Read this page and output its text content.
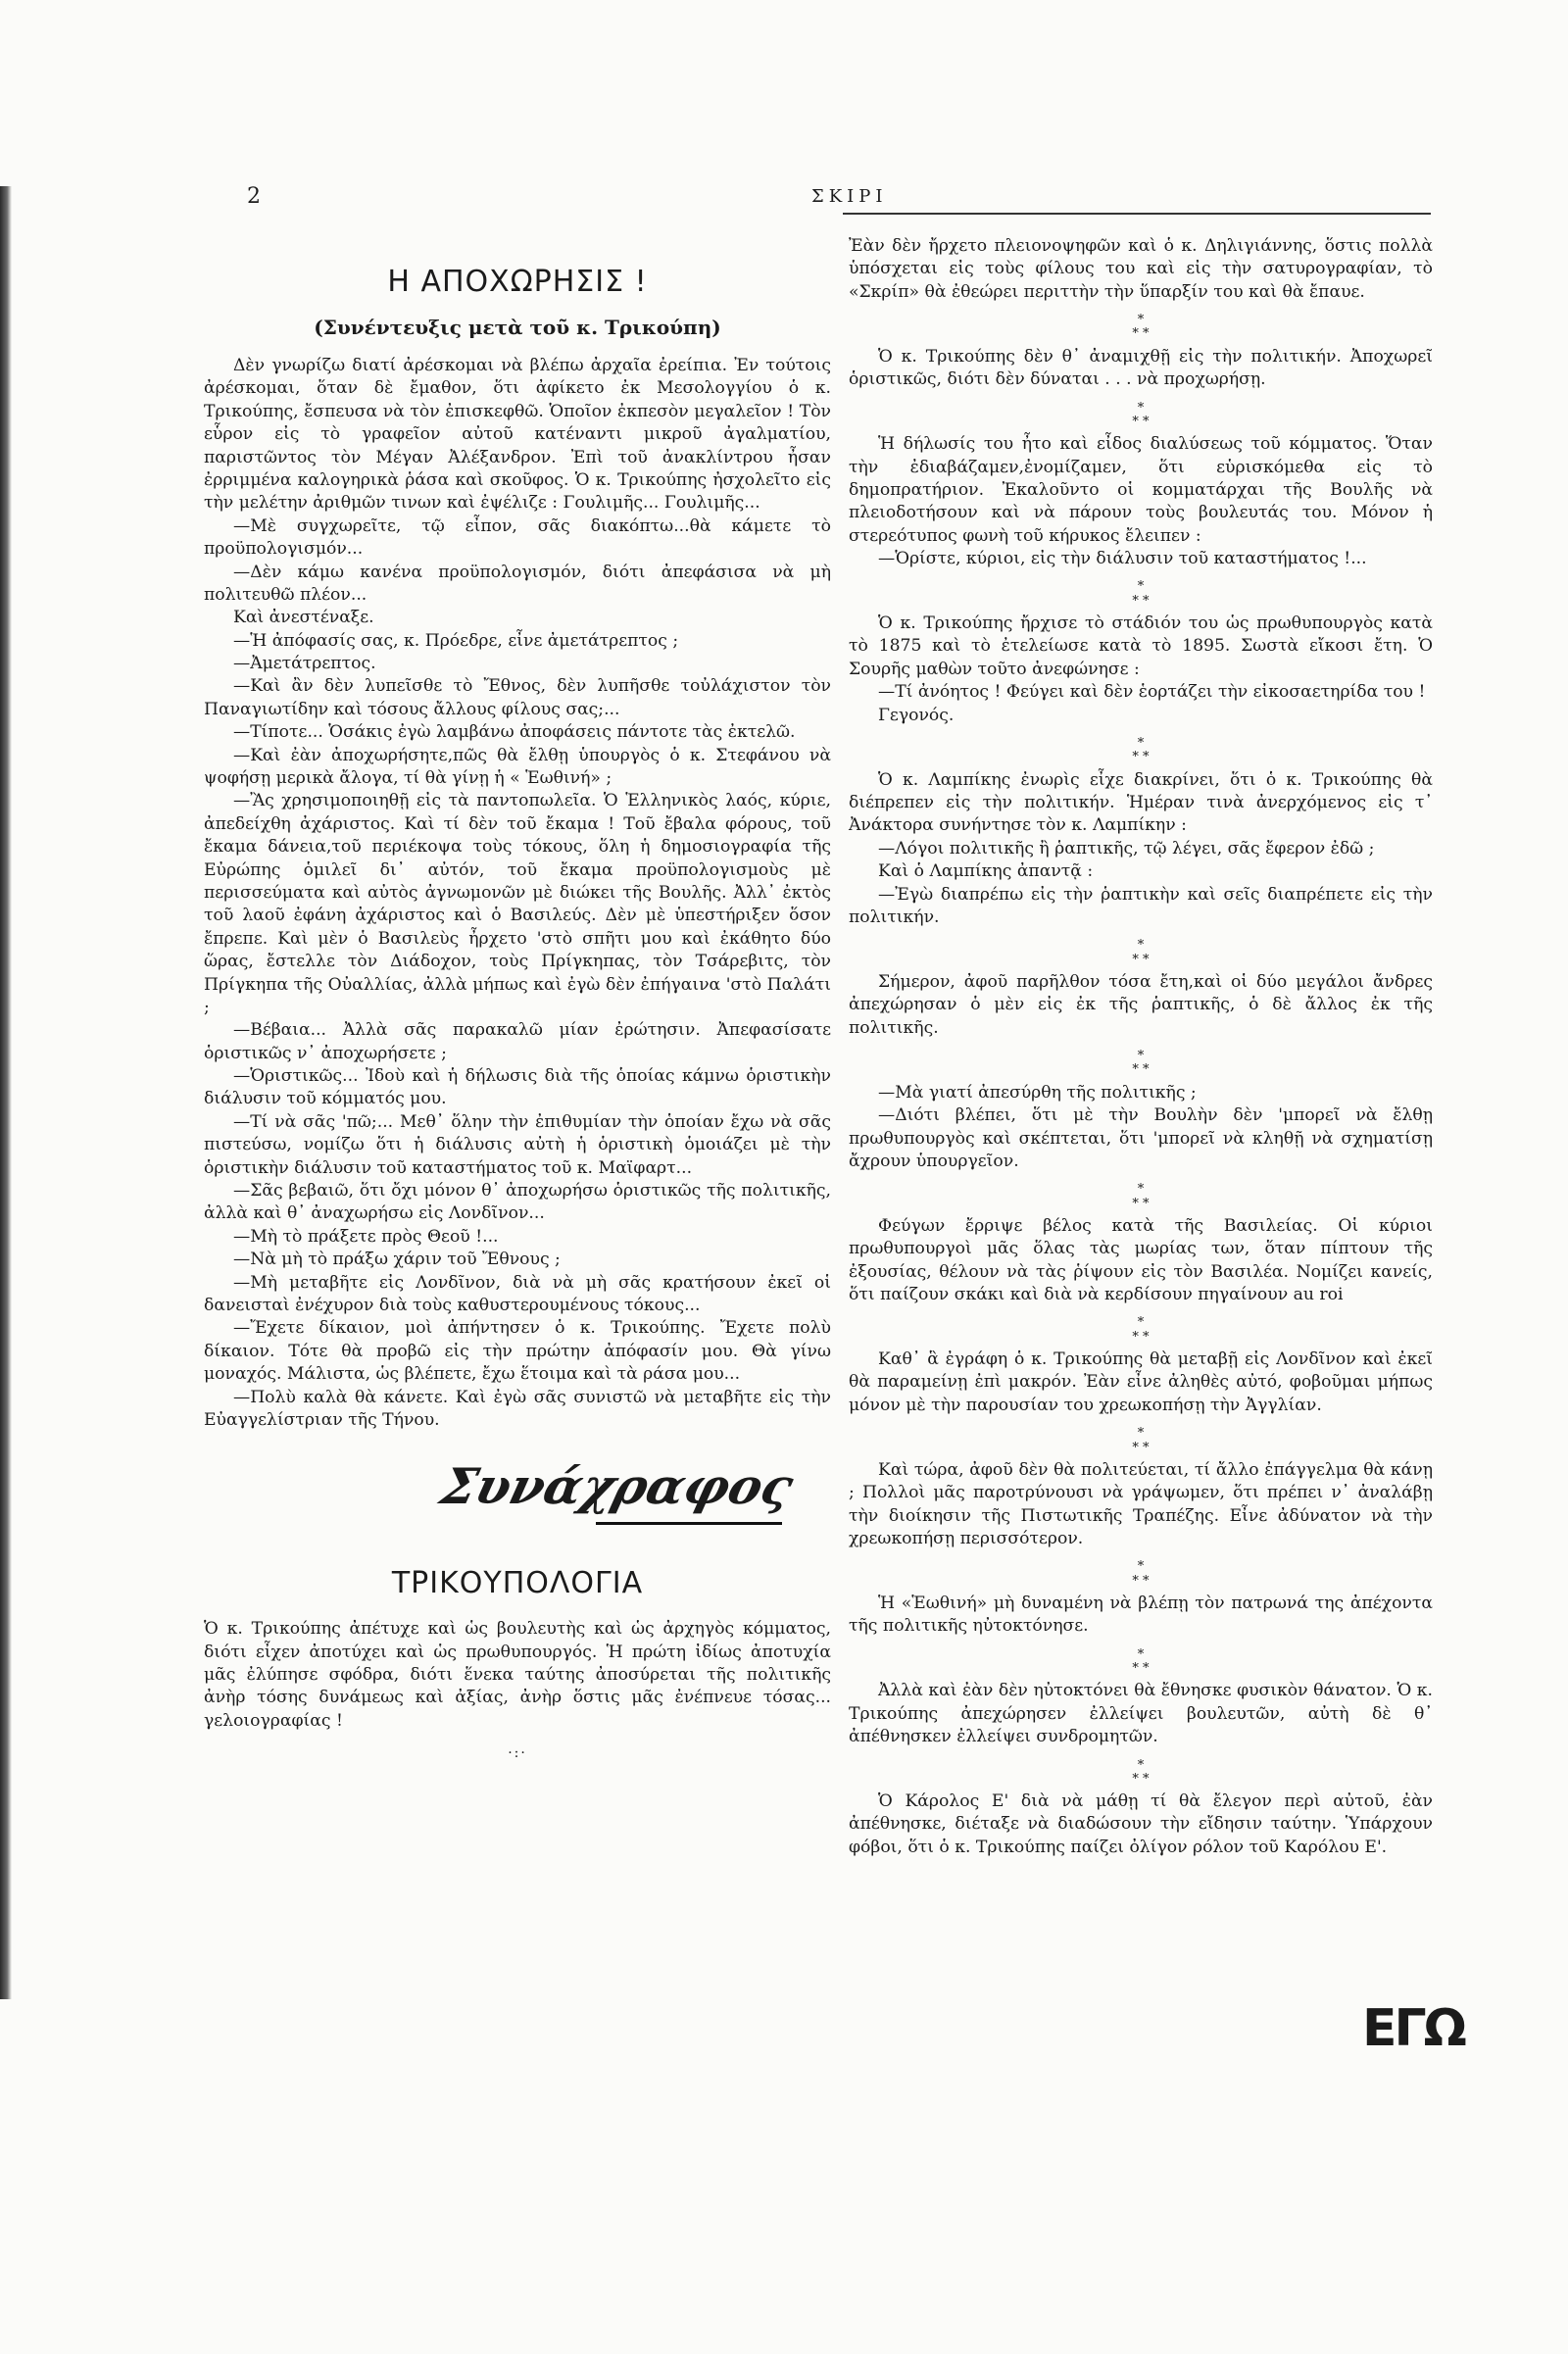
2	ΣΚΙΡΙ
Η ΑΠΟΧΩΡΗΣΙΣ !
(Συνέντευξις μετὰ τοῦ κ. Τρικούπη)

Δὲν γνωρίζω διατί ἀρέσκομαι νὰ βλέπω ἀρχαῖα ἐρείπια. Ἐν τούτοις ἀρέσκομαι, ὅταν δὲ ἔμαθον, ὅτι ἀφίκετο ἐκ Μεσολογγίου ὁ κ. Τρικούπης, ἔσπευσα νὰ τὸν ἐπισκεφθῶ. Ὁποῖον ἐκπεσὸν μεγαλεῖον ! Τὸν εὗρον εἰς τὸ γραφεῖον αὐτοῦ κατέναντι μικροῦ ἀγαλματίου, παριστῶντος τὸν Μέγαν Ἀλέξανδρον. Ἐπὶ τοῦ ἀνακλίντρου ἦσαν ἐρριμμένα καλογηρικὰ ῥάσα καὶ σκοῦφος. Ὁ κ. Τρικούπης ἠσχολεῖτο εἰς τὴν μελέτην ἀριθμῶν τινων καὶ ἐψέλιζε : Γουλιμῆς... Γουλιμῆς...

—Μὲ συγχωρεῖτε, τῷ εἶπον, σᾶς διακόπτω...θὰ κάμετε τὸ προϋπολογισμόν...

—Δὲν κάμω κανένα προϋπολογισμόν, διότι ἀπεφάσισα νὰ μὴ πολιτευθῶ πλέον...

Καὶ ἀνεστέναξε.

—Ἡ ἀπόφασίς σας, κ. Πρόεδρε, εἶνε ἀμετάτρεπτος ;

—Ἀμετάτρεπτος.

—Καὶ ἂν δὲν λυπεῖσθε τὸ Ἔθνος, δὲν λυπῆσθε τοὐλάχιστον τὸν Παναγιωτίδην καὶ τόσους ἄλλους φίλους σας;...

—Τίποτε... Ὁσάκις ἐγὼ λαμβάνω ἀποφάσεις πάντοτε τὰς ἐκτελῶ.

—Καὶ ἐὰν ἀποχωρήσητε,πῶς θὰ ἔλθῃ ὑπουργὸς ὁ κ. Στεφάνου νὰ ψοφήσῃ μερικὰ ἄλογα, τί θὰ γίνῃ ἡ « Ἑωθινή» ;

—Ἂς χρησιμοποιηθῇ εἰς τὰ παντοπωλεῖα. Ὁ Ἑλληνικὸς λαός, κύριε, ἀπεδείχθη ἀχάριστος. Καὶ τί δὲν τοῦ ἔκαμα ! Τοῦ ἔβαλα φόρους, τοῦ ἔκαμα δάνεια,τοῦ περιέκοψα τοὺς τόκους, ὅλη ἡ δημοσιογραφία τῆς Εὐρώπης ὁμιλεῖ δι᾿ αὐτόν, τοῦ ἔκαμα προϋπολογισμοὺς μὲ περισσεύματα καὶ αὐτὸς ἀγνωμονῶν μὲ διώκει τῆς Βουλῆς. Ἀλλ᾿ ἐκτὸς τοῦ λαοῦ ἐφάνη ἀχάριστος καὶ ὁ Βασιλεύς. Δὲν μὲ ὑπεστήριξεν ὅσον ἔπρεπε. Καὶ μὲν ὁ Βασιλεὺς ἦρχετο 'στὸ σπῆτι μου καὶ ἐκάθητο δύο ὥρας, ἔστελλε τὸν Διάδοχον, τοὺς Πρίγκηπας, τὸν Τσάρεβιτς, τὸν Πρίγκηπα τῆς Οὐαλλίας, ἀλλὰ μήπως καὶ ἐγὼ δὲν ἐπήγαινα 'στὸ Παλάτι ;

—Βέβαια... Ἀλλὰ σᾶς παρακαλῶ μίαν ἐρώτησιν. Ἀπεφασίσατε ὁριστικῶς ν᾿ ἀποχωρήσετε ;

—Ὁριστικῶς... Ἰδοὺ καὶ ἡ δήλωσις διὰ τῆς ὁποίας κάμνω ὁριστικὴν διάλυσιν τοῦ κόμματός μου.

—Τί νὰ σᾶς 'πῶ;... Μεθ᾿ ὅλην τὴν ἐπιθυμίαν τὴν ὁποίαν ἔχω νὰ σᾶς πιστεύσω, νομίζω ὅτι ἡ διάλυσις αὐτὴ ἡ ὁριστικὴ ὁμοιάζει μὲ τὴν ὁριστικὴν διάλυσιν τοῦ καταστήματος τοῦ κ. Μαϊφαρτ...

—Σᾶς βεβαιῶ, ὅτι ὄχι μόνον θ᾿ ἀποχωρήσω ὁριστικῶς τῆς πολιτικῆς, ἀλλὰ καὶ θ᾿ ἀναχωρήσω εἰς Λονδῖνον...

—Μὴ τὸ πράξετε πρὸς Θεοῦ !...

—Νὰ μὴ τὸ πράξω χάριν τοῦ Ἔθνους ;

—Μὴ μεταβῆτε εἰς Λονδῖνον, διὰ νὰ μὴ σᾶς κρατήσουν ἐκεῖ οἱ δανεισταὶ ἐνέχυρον διὰ τοὺς καθυστερουμένους τόκους...

—Ἔχετε δίκαιον, μοὶ ἀπήντησεν ὁ κ. Τρικούπης. Ἔχετε πολὺ δίκαιον. Τότε θὰ προβῶ εἰς τὴν πρώτην ἀπόφασίν μου. Θὰ γίνω μοναχός. Μάλιστα, ὡς βλέπετε, ἔχω ἕτοιμα καὶ τὰ ράσα μου...

—Πολὺ καλὰ θὰ κάνετε. Καὶ ἐγὼ σᾶς συνιστῶ νὰ μεταβῆτε εἰς τὴν Εὐαγγελίστριαν τῆς Τήνου.

Συνάχραφος
ΤΡΙΚΟΥΠΟΛΟΓΙΑ

Ὁ κ. Τρικούπης ἀπέτυχε καὶ ὡς βουλευτὴς καὶ ὡς ἀρχηγὸς κόμματος, διότι εἶχεν ἀποτύχει καὶ ὡς πρωθυπουργός. Ἡ πρώτη ἰδίως ἀποτυχία μᾶς ἐλύπησε σφόδρα, διότι ἕνεκα ταύτης ἀποσύρεται τῆς πολιτικῆς ἀνὴρ τόσης δυνάμεως καὶ ἀξίας, ἀνὴρ ὅστις μᾶς ἐνέπνευε τόσας... γελοιογραφίας !

·:·

Ἐὰν δὲν ἤρχετο πλειονοψηφῶν καὶ ὁ κ. Δηλιγιάννης, ὅστις πολλὰ ὑπόσχεται εἰς τοὺς φίλους του καὶ εἰς τὴν σατυρογραφίαν, τὸ «Σκρίπ» θὰ ἐθεώρει περιττὴν τὴν ὕπαρξίν του καὶ θὰ ἔπαυε.

*
* *

Ὁ κ. Τρικούπης δὲν θ᾿ ἀναμιχθῇ εἰς τὴν πολιτικήν. Ἀποχωρεῖ ὁριστικῶς, διότι δὲν δύναται . . . νὰ προχωρήσῃ.

*
* *

Ἡ δήλωσίς του ἦτο καὶ εἶδος διαλύσεως τοῦ κόμματος. Ὅταν τὴν ἐδιαβάζαμεν,ἐνομίζαμεν, ὅτι εὑρισκόμεθα εἰς τὸ δημοπρατήριον. Ἐκαλοῦντο οἱ κομματάρχαι τῆς Βουλῆς νὰ πλειοδοτήσουν καὶ νὰ πάρουν τοὺς βουλευτάς του. Μόνον ἡ στερεότυπος φωνὴ τοῦ κήρυκος ἔλειπεν :

—Ὁρίστε, κύριοι, εἰς τὴν διάλυσιν τοῦ καταστήματος !...

*
* *

Ὁ κ. Τρικούπης ἤρχισε τὸ στάδιόν του ὡς πρωθυπουργὸς κατὰ τὸ 1875 καὶ τὸ ἐτελείωσε κατὰ τὸ 1895. Σωστὰ εἴκοσι ἔτη. Ὁ Σουρῆς μαθὼν τοῦτο ἀνεφώνησε :

—Τί ἀνόητος ! Φεύγει καὶ δὲν ἑορτάζει τὴν εἰκοσαετηρίδα του !

Γεγονός.

*
* *

Ὁ κ. Λαμπίκης ἐνωρὶς εἶχε διακρίνει, ὅτι ὁ κ. Τρικούπης θὰ διέπρεπεν εἰς τὴν πολιτικήν. Ἡμέραν τινὰ ἀνερχόμενος εἰς τ᾿ Ἀνάκτορα συνήντησε τὸν κ. Λαμπίκην :

—Λόγοι πολιτικῆς ἢ ῥαπτικῆς, τῷ λέγει, σᾶς ἔφερον ἐδῶ ;

Καὶ ὁ Λαμπίκης ἀπαντᾷ :

—Ἐγὼ διαπρέπω εἰς τὴν ῥαπτικὴν καὶ σεῖς διαπρέπετε εἰς τὴν πολιτικήν.

*
* *

Σήμερον, ἀφοῦ παρῆλθον τόσα ἔτη,καὶ οἱ δύο μεγάλοι ἄνδρες ἀπεχώρησαν ὁ μὲν εἰς ἐκ τῆς ῥαπτικῆς, ὁ δὲ ἄλλος ἐκ τῆς πολιτικῆς.

*
* *

—Μὰ γιατί ἀπεσύρθη τῆς πολιτικῆς ;

—Διότι βλέπει, ὅτι μὲ τὴν Βουλὴν δὲν 'μπορεῖ νὰ ἔλθῃ πρωθυπουργὸς καὶ σκέπτεται, ὅτι 'μπορεῖ νὰ κληθῇ νὰ σχηματίσῃ ἄχρουν ὑπουργεῖον.

*
* *

Φεύγων ἔρριψε βέλος κατὰ τῆς Βασιλείας. Οἱ κύριοι πρωθυπουργοὶ μᾶς ὅλας τὰς μωρίας των, ὅταν πίπτουν τῆς ἐξουσίας, θέλουν νὰ τὰς ῥίψουν εἰς τὸν Βασιλέα. Νομίζει κανείς, ὅτι παίζουν σκάκι καὶ διὰ νὰ κερδίσουν πηγαίνουν au roi

*
* *

Καθ᾿ ἃ ἐγράφη ὁ κ. Τρικούπης θὰ μεταβῇ εἰς Λονδῖνον καὶ ἐκεῖ θὰ παραμείνῃ ἐπὶ μακρόν. Ἐὰν εἶνε ἀληθὲς αὐτό, φοβοῦμαι μήπως μόνον μὲ τὴν παρουσίαν του χρεωκοπήσῃ τὴν Ἀγγλίαν.

*
* *

Καὶ τώρα, ἀφοῦ δὲν θὰ πολιτεύεται, τί ἄλλο ἐπάγγελμα θὰ κάνῃ ; Πολλοὶ μᾶς παροτρύνουσι νὰ γράψωμεν, ὅτι πρέπει ν᾿ ἀναλάβῃ τὴν διοίκησιν τῆς Πιστωτικῆς Τραπέζης. Εἶνε ἀδύνατον νὰ τὴν χρεωκοπήσῃ περισσότερον.

*
* *

Ἡ «Ἑωθινή» μὴ δυναμένη νὰ βλέπῃ τὸν πατρωνά της ἀπέχοντα τῆς πολιτικῆς ηὐτοκτόνησε.

*
* *

Ἀλλὰ καὶ ἐὰν δὲν ηὐτοκτόνει θὰ ἔθνησκε φυσικὸν θάνατον. Ὁ κ. Τρικούπης ἀπεχώρησεν ἐλλείψει βουλευτῶν, αὐτὴ δὲ θ᾿ ἀπέθνησκεν ἐλλείψει συνδρομητῶν.

*
* *

Ὁ Κάρολος Ε' διὰ νὰ μάθῃ τί θὰ ἔλεγον περὶ αὐτοῦ, ἐὰν ἀπέθνησκε, διέταξε νὰ διαδώσουν τὴν εἴδησιν ταύτην. Ὑπάρχουν φόβοι, ὅτι ὁ κ. Τρικούπης παίζει ὀλίγον ρόλον τοῦ Καρόλου Ε'.

ΕΓΩ
